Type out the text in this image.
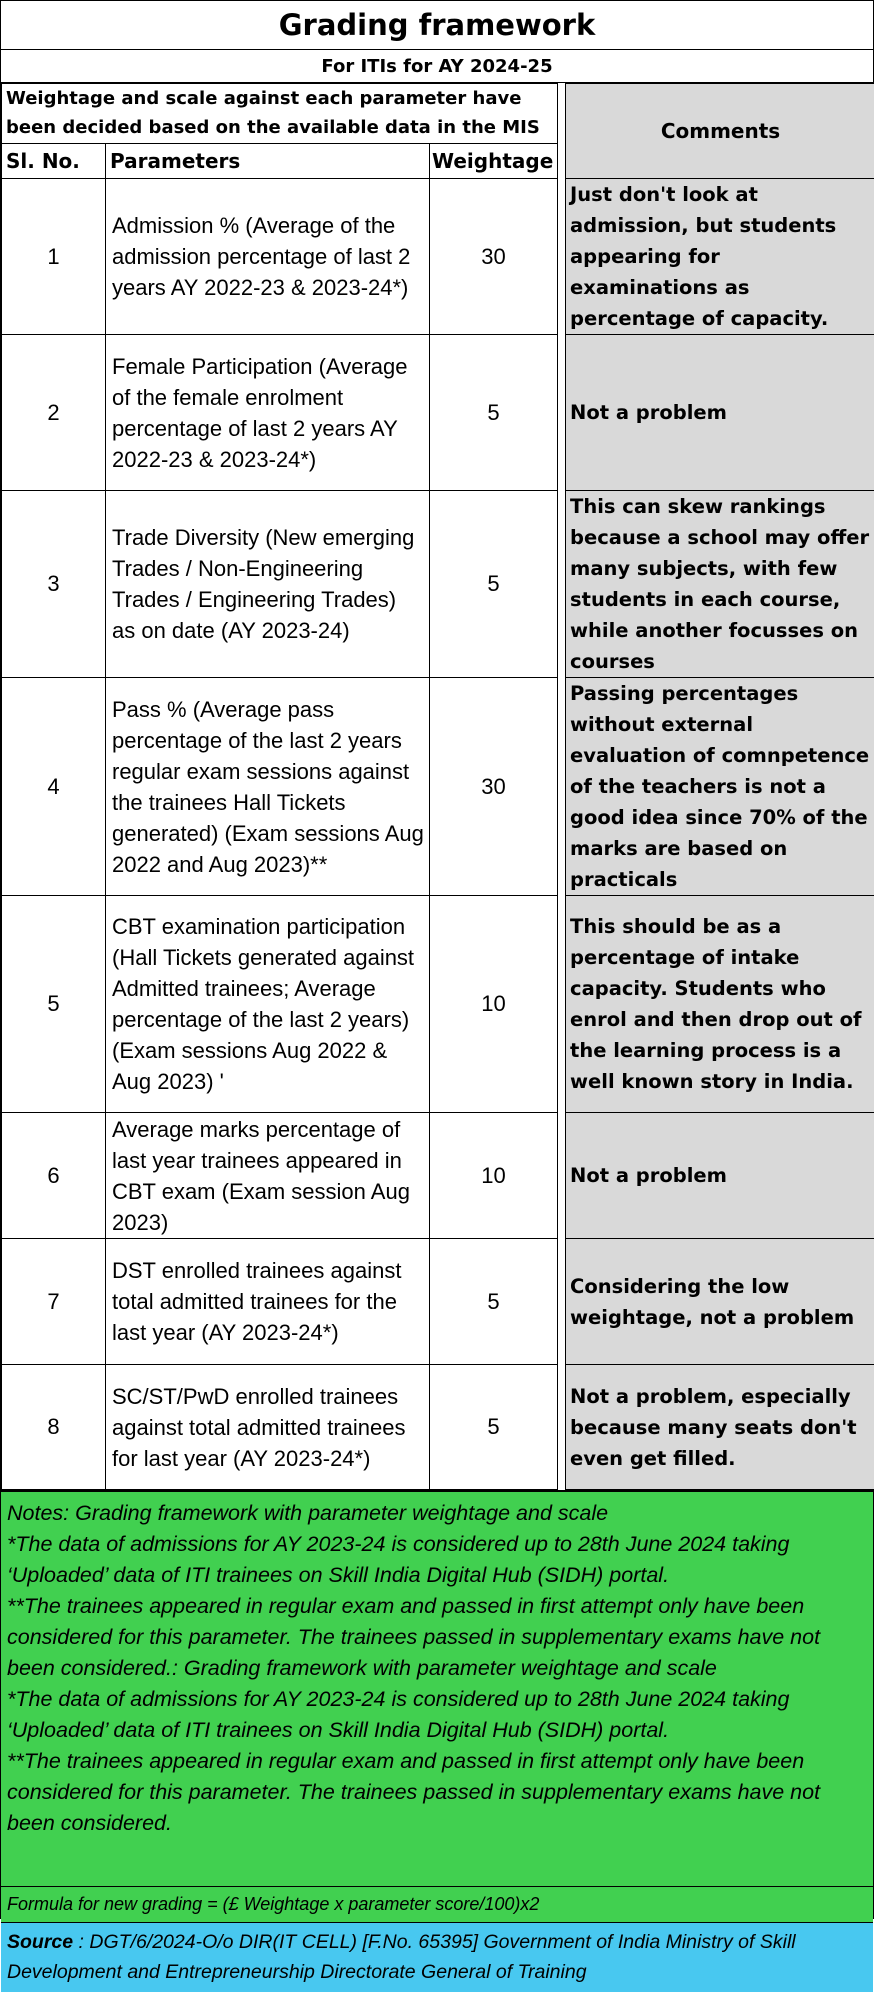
Grading framework
For ITIs for AY 2024-25
Weightage and scale against each parameter have been decided based on the available data in the MIS				Comments
Sl. No.	Parameters	Weightage		
1	Admission % (Average of the admission percentage of last 2 years AY 2022-23 & 2023-24*)	30		Just don't look at admission, but students appearing for examinations as percentage of capacity.
2	Female Participation (Average of the female enrolment percentage of last 2 years AY 2022-23 & 2023-24*)	5		Not a problem
3	Trade Diversity (New emerging Trades / Non-Engineering Trades / Engineering Trades) as on date (AY 2023-24)	5		This can skew rankings because a school may offer many subjects, with few students in each course, while another focusses on courses
4	Pass % (Average pass percentage of the last 2 years regular exam sessions against the trainees Hall Tickets generated) (Exam sessions Aug 2022 and Aug 2023)**	30		Passing percentages without external evaluation of comnpetence of the teachers is not a good idea since 70% of the marks are based on practicals
5	CBT examination participation (Hall Tickets generated against Admitted trainees; Average percentage of the last 2 years) (Exam sessions Aug 2022 & Aug 2023) '	10		This should be as a percentage of intake capacity. Students who enrol and then drop out of the learning process is a well known story in India.
6	Average marks percentage of last year trainees appeared in CBT exam (Exam session Aug 2023)	10		Not a problem
7	DST enrolled trainees against total admitted trainees for the last year (AY 2023-24*)	5		Considering the low weightage, not a problem
8	SC/ST/PwD enrolled trainees against total admitted trainees for last year (AY 2023-24*)	5		Not a problem, especially because many seats don't even get filled.

Notes: Grading framework with parameter weightage and scale

*The data of admissions for AY 2023-24 is considered up to 28th June 2024 taking ‘Uploaded’ data of ITI trainees on Skill India Digital Hub (SIDH) portal.

**The trainees appeared in regular exam and passed in first attempt only have been considered for this parameter. The trainees passed in supplementary exams have not been considered.: Grading framework with parameter weightage and scale

*The data of admissions for AY 2023-24 is considered up to 28th June 2024 taking ‘Uploaded’ data of ITI trainees on Skill India Digital Hub (SIDH) portal.

**The trainees appeared in regular exam and passed in first attempt only have been considered for this parameter. The trainees passed in supplementary exams have not been considered.

Formula for new grading = (£ Weightage x parameter score/100)x2
Source : DGT/6/2024-O/o DIR(IT CELL) [F.No. 65395] Government of India Ministry of Skill Development and Entrepreneurship Directorate General of Training
